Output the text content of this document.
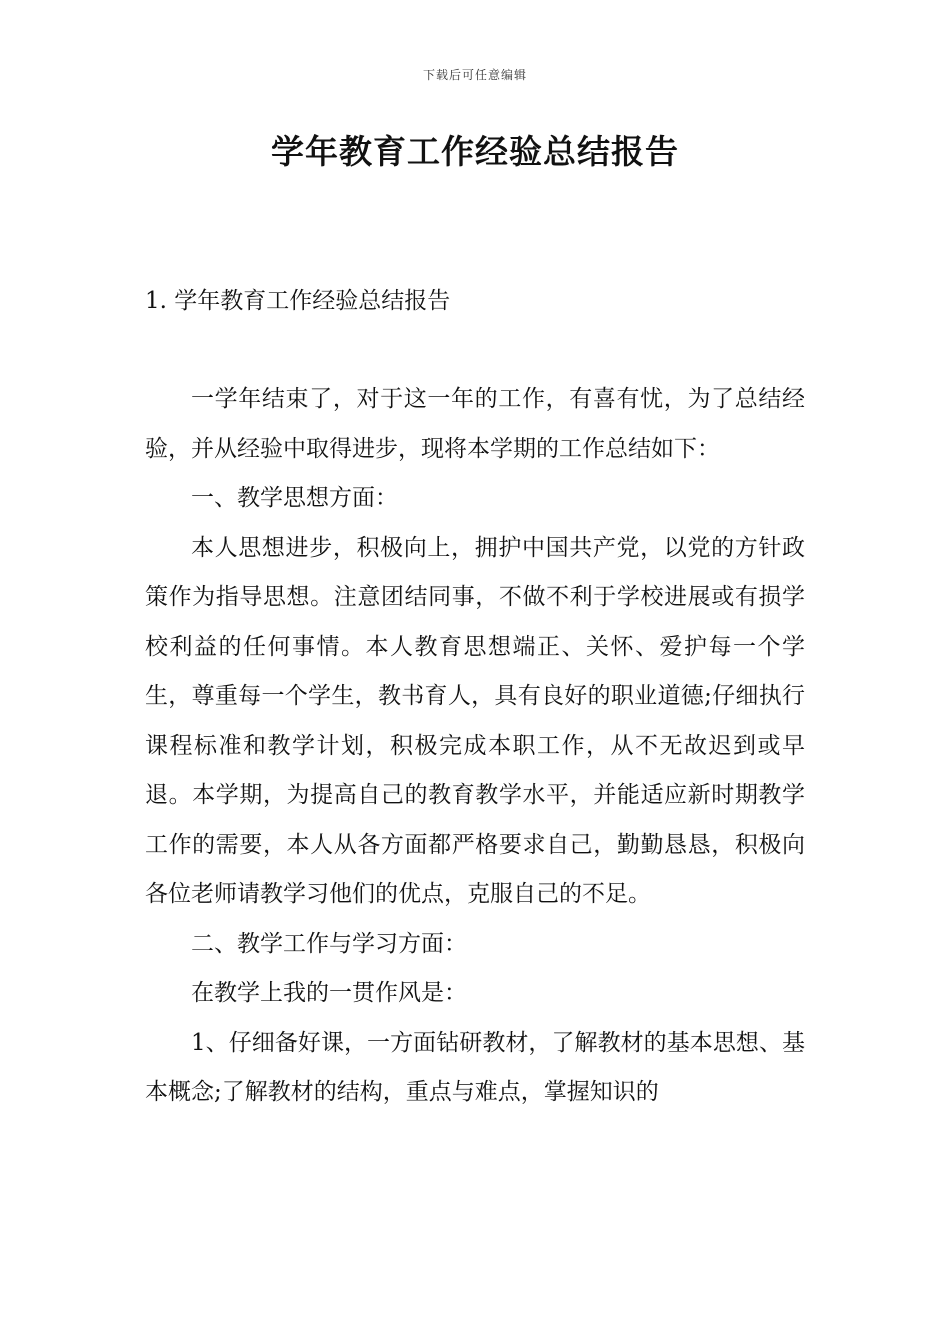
下载后可任意编辑
学年教育工作经验总结报告
1. 学年教育工作经验总结报告

一学年结束了，对于这一年的工作，有喜有忧，为了总结经验，并从经验中取得进步，现将本学期的工作总结如下：

一、教学思想方面：

本人思想进步，积极向上，拥护中国共产党，以党的方针政策作为指导思想。注意团结同事，不做不利于学校进展或有损学校利益的任何事情。本人教育思想端正、关怀、爱护每一个学生，尊重每一个学生，教书育人，具有良好的职业道德;仔细执行课程标准和教学计划，积极完成本职工作，从不无故迟到或早退。本学期，为提高自己的教育教学水平，并能适应新时期教学工作的需要，本人从各方面都严格要求自己，勤勤恳恳，积极向各位老师请教学习他们的优点，克服自己的不足。

二、教学工作与学习方面：

在教学上我的一贯作风是：

1、仔细备好课，一方面钻研教材，了解教材的基本思想、基本概念;了解教材的结构，重点与难点，掌握知识的
